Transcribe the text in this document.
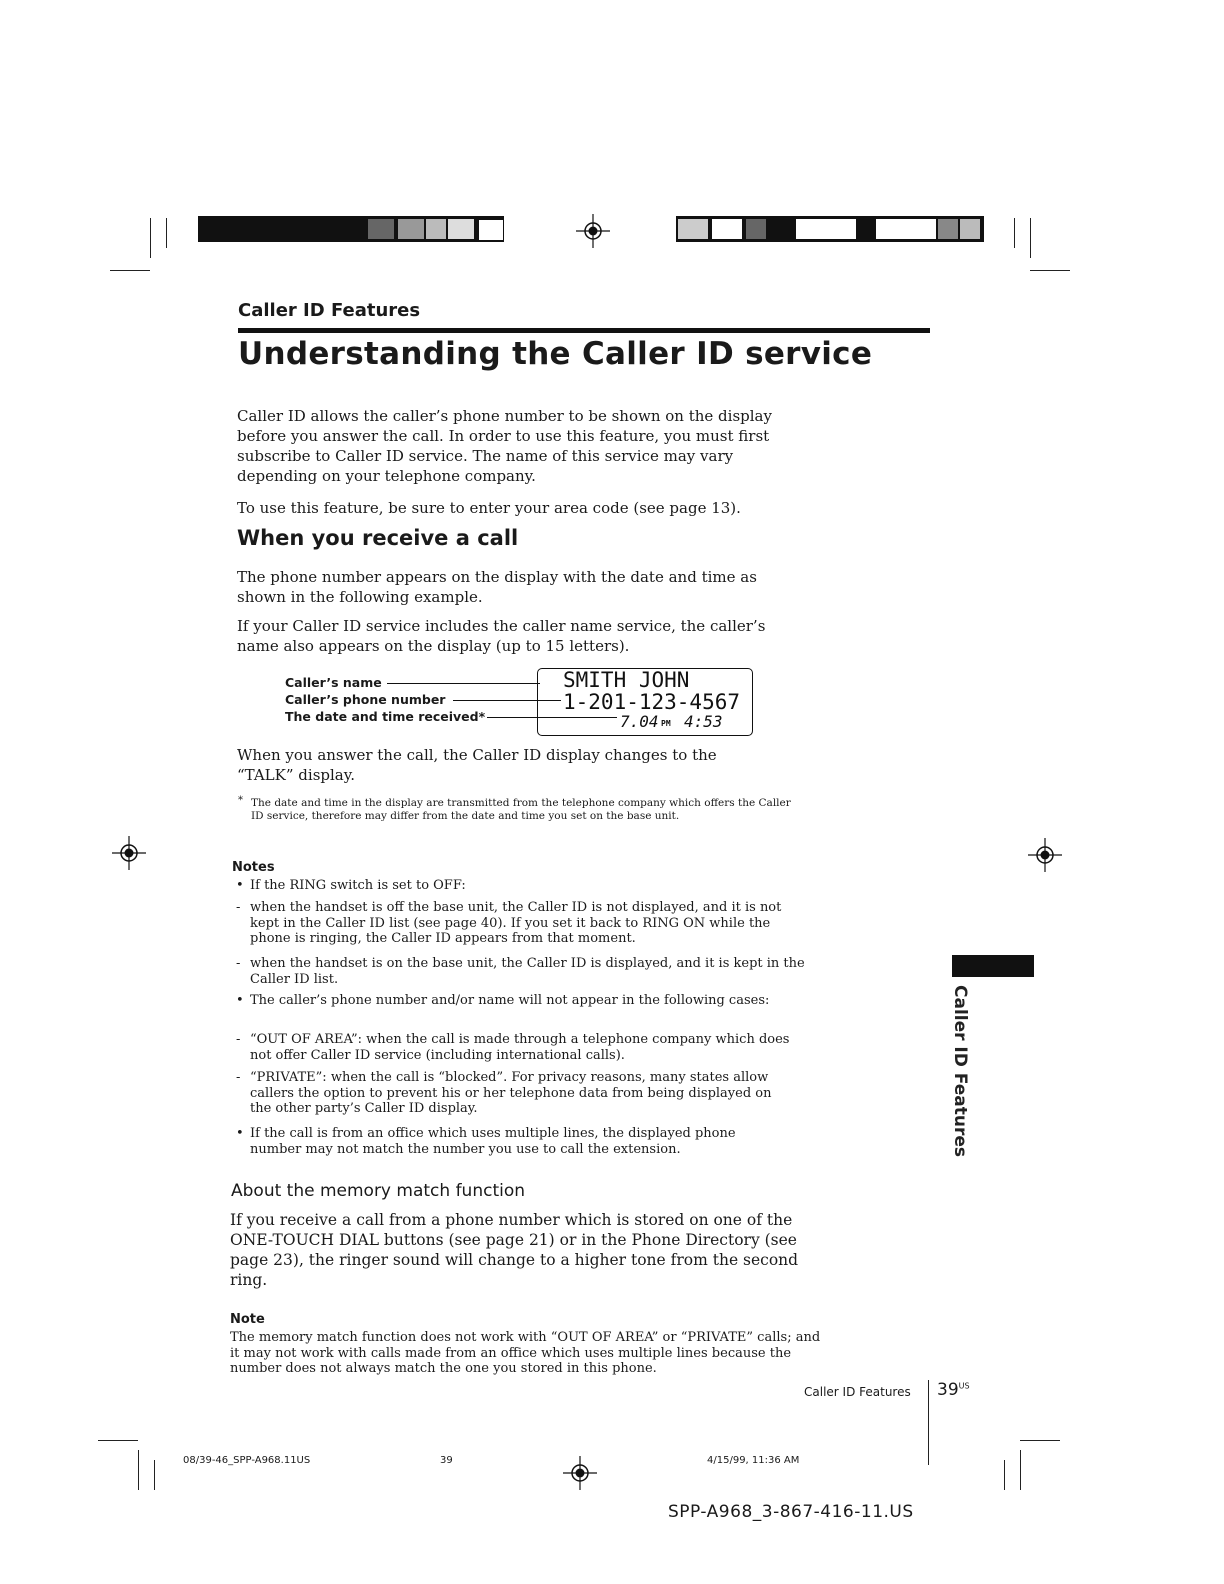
Caller ID Features
Understanding the Caller ID service
Caller ID allows the caller’s phone number to be shown on the display before you answer the call. In order to use this feature, you must first subscribe to Caller ID service. The name of this service may vary depending on your telephone company.
To use this feature, be sure to enter your area code (see page 13).
When you receive a call
The phone number appears on the display with the date and time as shown in the following example.
If your Caller ID service includes the caller name service, the caller’s name also appears on the display (up to 15 letters).
Caller’s name
Caller’s phone number
The date and time received*
SMITH JOHN
1-201-123-4567
7.04 PM 4:53
When you answer the call, the Caller ID display changes to the “TALK” display.
* The date and time in the display are transmitted from the telephone company which offers the Caller ID service, therefore may differ from the date and time you set on the base unit.
Notes
• If the RING switch is set to OFF:
- when the handset is off the base unit, the Caller ID is not displayed, and it is not kept in the Caller ID list (see page 40). If you set it back to RING ON while the phone is ringing, the Caller ID appears from that moment.
- when the handset is on the base unit, the Caller ID is displayed, and it is kept in the Caller ID list.
• The caller’s phone number and/or name will not appear in the following cases:
- “OUT OF AREA”: when the call is made through a telephone company which does not offer Caller ID service (including international calls).
- “PRIVATE”: when the call is “blocked”. For privacy reasons, many states allow callers the option to prevent his or her telephone data from being displayed on the other party’s Caller ID display.
• If the call is from an office which uses multiple lines, the displayed phone number may not match the number you use to call the extension.
About the memory match function
If you receive a call from a phone number which is stored on one of the ONE-TOUCH DIAL buttons (see page 21) or in the Phone Directory (see page 23), the ringer sound will change to a higher tone from the second ring.
Note
The memory match function does not work with “OUT OF AREA” or “PRIVATE” calls; and it may not work with calls made from an office which uses multiple lines because the number does not always match the one you stored in this phone.
Caller ID Features
Caller ID Features $39^{US}$
08/39-46_SPP-A968.11US	39	4/15/99, 11:36 AM
SPP-A968_3-867-416-11.US
